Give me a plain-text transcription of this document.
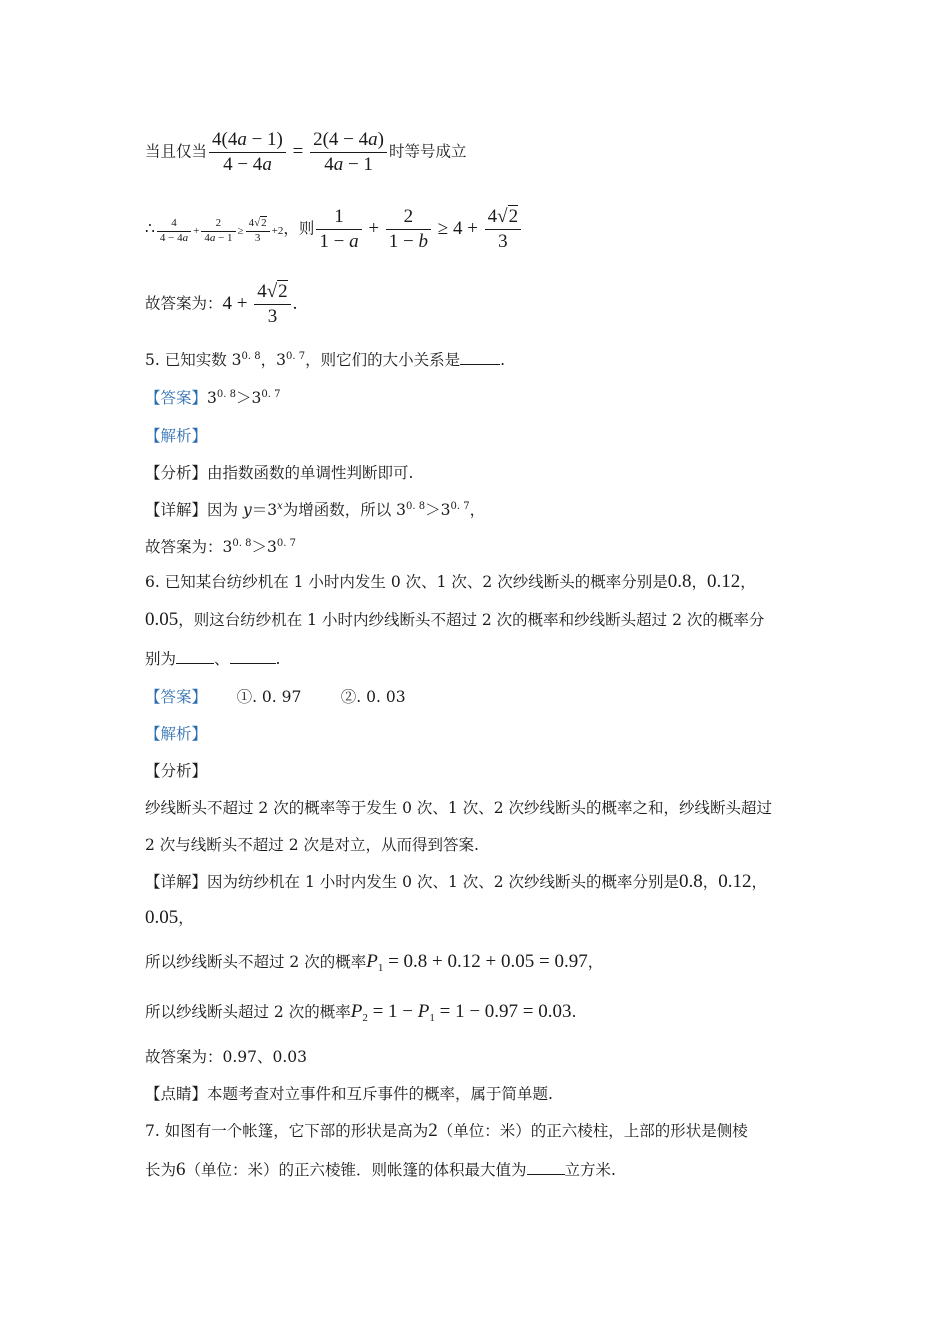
当且仅当 $\frac{4(4a - 1)}{4 - 4a} = \frac{2(4 - 4a)}{4a - 1}$ 时等号成立
∴ $\frac{4}{4 - 4a} + \frac{2}{4a - 1} \ge \frac{4√2}{3} +2$，则 $\frac{1}{1 - a} + \frac{2}{1 - b} \ge 4 + \frac{4√2}{3}$
故答案为：$4 + \frac{4√2}{3}$ .
5. 已知实数 $3^{0. 8}$，$3^{0. 7}$，则它们的大小关系是	.
【答案】$3^{0. 8}>3^{0. 7}$
【解析】
【分析】由指数函数的单调性判断即可.
【详解】因为 $y=3^x$为增函数，所以 $3^{0. 8}>3^{0. 7}$，
故答案为：$3^{0. 8}>3^{0. 7}$
6. 已知某台纺纱机在 1 小时内发生 0 次、1 次、2 次纱线断头的概率分别是0.8，0.12，
0.05，则这台纺纱机在 1 小时内纱线断头不超过 2 次的概率和纱线断头超过 2 次的概率分
别为 、	.
【答案】 ①. 0. 97        ②. 0. 03
【解析】
【分析】
纱线断头不超过 2 次的概率等于发生 0 次、1 次、2 次纱线断头的概率之和，纱线断头超过
2 次与线断头不超过 2 次是对立，从而得到答案.
【详解】因为纺纱机在 1 小时内发生 0 次、1 次、2 次纱线断头的概率分别是0.8，0.12，
0.05，
所以纱线断头不超过 2 次的概率$P_1 = 0.8 + 0.12 + 0.05 = 0.97$，
所以纱线断头超过 2 次的概率$P_2 = 1 - P_1 = 1 - 0.97 = 0.03$.
故答案为：0.97、0.03
【点睛】本题考查对立事件和互斥事件的概率，属于简单题.
7. 如图有一个帐篷，它下部的形状是高为2（单位：米）的正六棱柱，上部的形状是侧棱
长为6（单位：米）的正六棱锥．则帐篷的体积最大值为 立方米.
